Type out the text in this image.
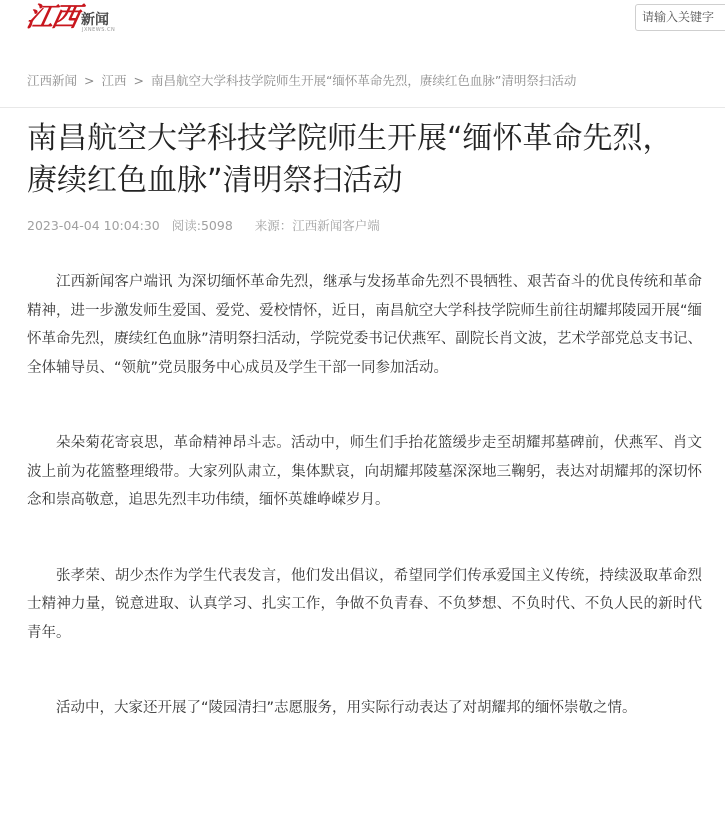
江西 新闻
JXNEWS.CN
请输入关键字
江西新闻 > 江西 > 南昌航空大学科技学院师生开展“缅怀革命先烈，赓续红色血脉”清明祭扫活动
南昌航空大学科技学院师生开展“缅怀革命先烈，赓续红色血脉”清明祭扫活动
2023-04-04 10:04:30 阅读:5098 来源：江西新闻客户端

江西新闻客户端讯 为深切缅怀革命先烈，继承与发扬革命先烈不畏牺牲、艰苦奋斗的优良传统和革命精神，进一步激发师生爱国、爱党、爱校情怀，近日，南昌航空大学科技学院师生前往胡耀邦陵园开展“缅怀革命先烈，赓续红色血脉”清明祭扫活动，学院党委书记伏燕军、副院长肖文波，艺术学部党总支书记、全体辅导员、“领航”党员服务中心成员及学生干部一同参加活动。

朵朵菊花寄哀思，革命精神昂斗志。活动中，师生们手抬花篮缓步走至胡耀邦墓碑前，伏燕军、肖文波上前为花篮整理缎带。大家列队肃立，集体默哀，向胡耀邦陵墓深深地三鞠躬，表达对胡耀邦的深切怀念和崇高敬意，追思先烈丰功伟绩，缅怀英雄峥嵘岁月。

张孝荣、胡少杰作为学生代表发言，他们发出倡议，希望同学们传承爱国主义传统，持续汲取革命烈士精神力量，锐意进取、认真学习、扎实工作，争做不负青春、不负梦想、不负时代、不负人民的新时代青年。

活动中，大家还开展了“陵园清扫”志愿服务，用实际行动表达了对胡耀邦的缅怀崇敬之情。
